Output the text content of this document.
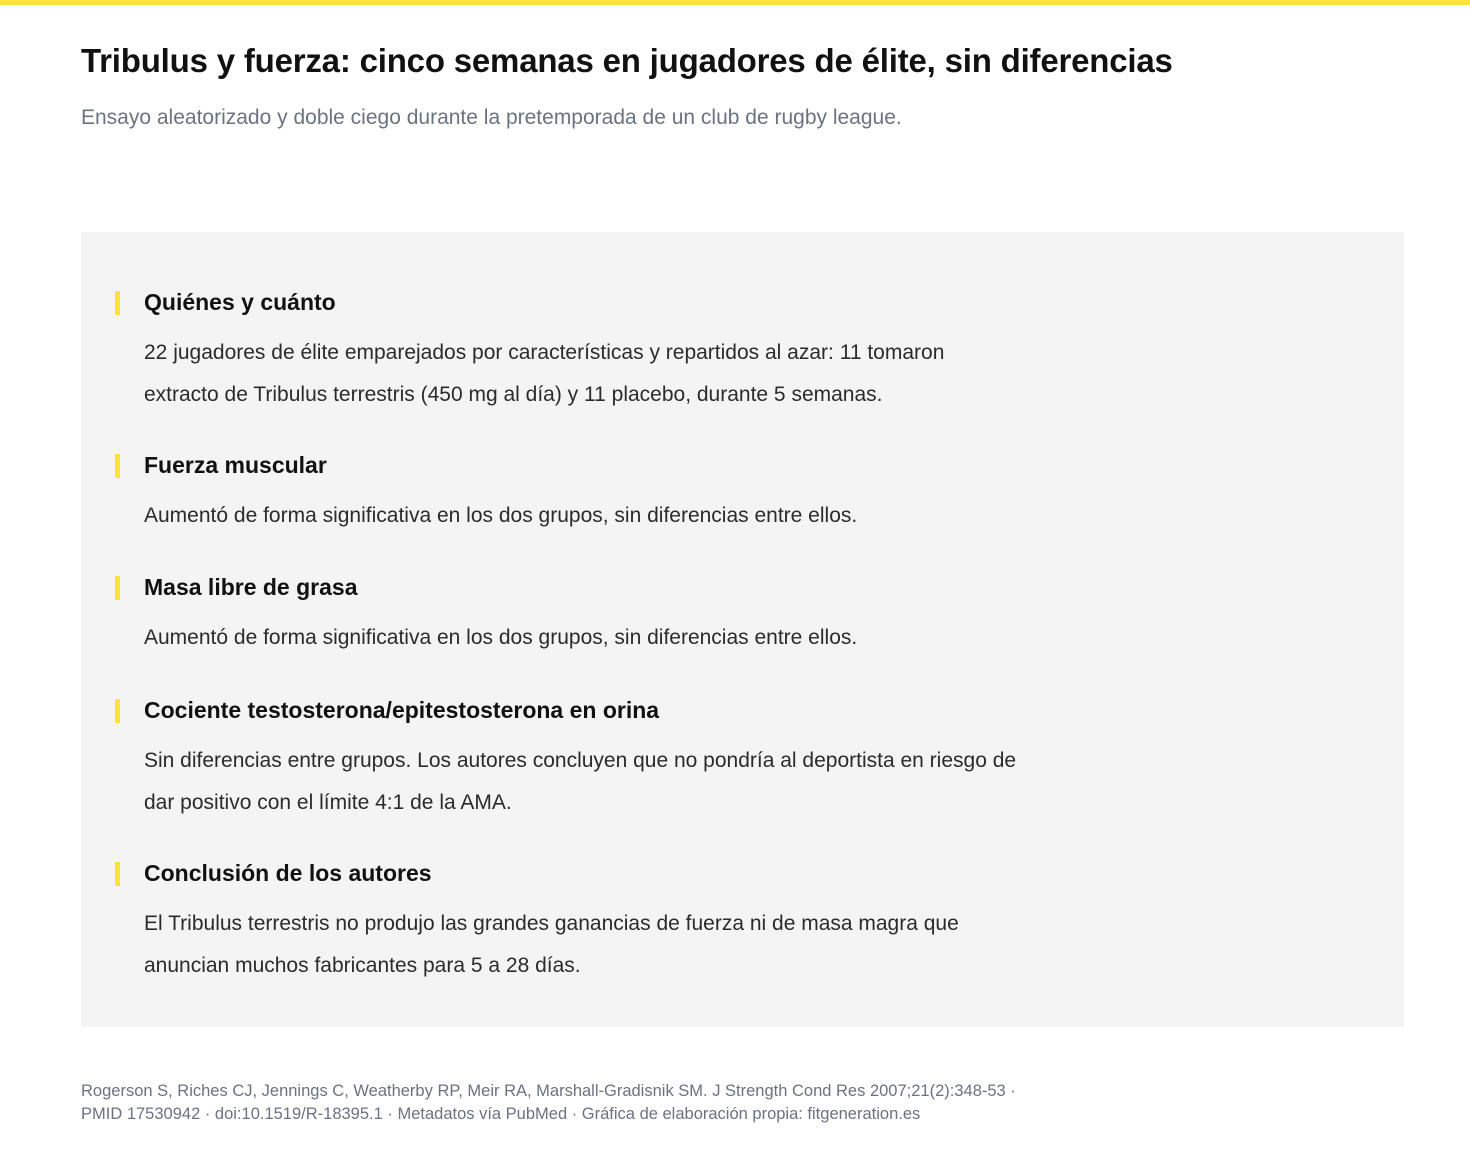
Tribulus y fuerza: cinco semanas en jugadores de élite, sin diferencias

Ensayo aleatorizado y doble ciego durante la pretemporada de un club de rugby league.

Quiénes y cuánto

22 jugadores de élite emparejados por características y repartidos al azar: 11 tomaron extracto de Tribulus terrestris (450 mg al día) y 11 placebo, durante 5 semanas.

Fuerza muscular

Aumentó de forma significativa en los dos grupos, sin diferencias entre ellos.

Masa libre de grasa

Aumentó de forma significativa en los dos grupos, sin diferencias entre ellos.

Cociente testosterona/epitestosterona en orina

Sin diferencias entre grupos. Los autores concluyen que no pondría al deportista en riesgo de dar positivo con el límite 4:1 de la AMA.

Conclusión de los autores

El Tribulus terrestris no produjo las grandes ganancias de fuerza ni de masa magra que anuncian muchos fabricantes para 5 a 28 días.

Rogerson S, Riches CJ, Jennings C, Weatherby RP, Meir RA, Marshall-Gradisnik SM. J Strength Cond Res 2007;21(2):348-53 ·
PMID 17530942 · doi:10.1519/R-18395.1 · Metadatos vía PubMed · Gráfica de elaboración propia: fitgeneration.es
